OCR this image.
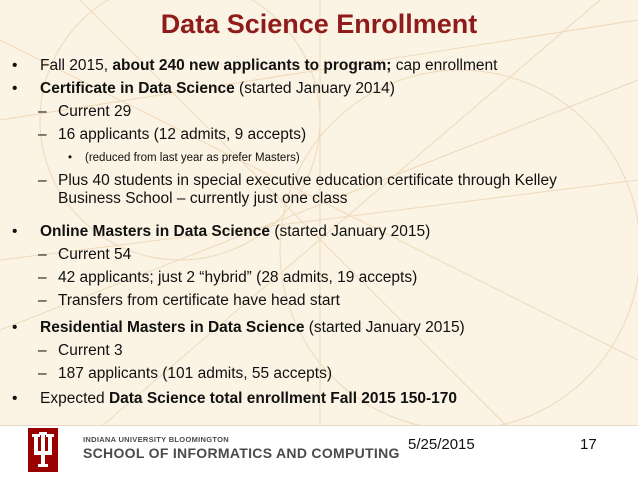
Data Science Enrollment
• Fall 2015, about 240 new applicants to program; cap enrollment
• Certificate in Data Science (started January 2014)
– Current 29
– 16 applicants (12 admits, 9 accepts)
• (reduced from last year as prefer Masters)
– Plus 40 students in special executive education certificate through Kelley
Business School – currently just one class
• Online Masters in Data Science (started January 2015)
– Current 54
– 42 applicants; just 2 “hybrid” (28 admits, 19 accepts)
– Transfers from certificate have head start
• Residential Masters in Data Science (started January 2015)
– Current 3
– 187 applicants (101 admits, 55 accepts)
• Expected Data Science total enrollment Fall 2015 150-170
INDIANA UNIVERSITY BLOOMINGTON
SCHOOL OF INFORMATICS AND COMPUTING 5/25/2015	17
